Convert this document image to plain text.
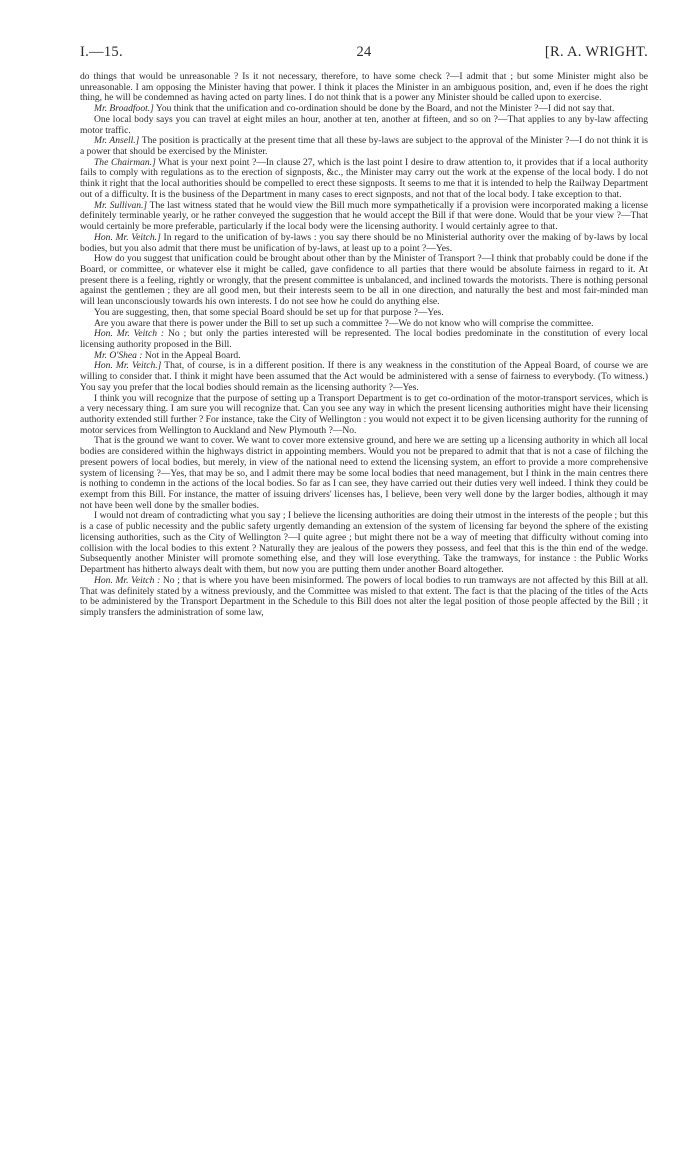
I.—15.	24	[R. A. WRIGHT.

do things that would be unreasonable ? Is it not necessary, therefore, to have some check ?—I admit that ; but some Minister might also be unreasonable. I am opposing the Minister having that power. I think it places the Minister in an ambiguous position, and, even if he does the right thing, he will be condemned as having acted on party lines. I do not think that is a power any Minister should be called upon to exercise.

Mr. Broadfoot.] You think that the unification and co-ordination should be done by the Board, and not the Minister ?—I did not say that.

One local body says you can travel at eight miles an hour, another at ten, another at fifteen, and so on ?—That applies to any by-law affecting motor traffic.

Mr. Ansell.] The position is practically at the present time that all these by-laws are subject to the approval of the Minister ?—I do not think it is a power that should be exercised by the Minister.

The Chairman.] What is your next point ?—In clause 27, which is the last point I desire to draw attention to, it provides that if a local authority fails to comply with regulations as to the erection of signposts, &c., the Minister may carry out the work at the expense of the local body. I do not think it right that the local authorities should be compelled to erect these signposts. It seems to me that it is intended to help the Railway Department out of a difficulty. It is the business of the Department in many cases to erect signposts, and not that of the local body. I take exception to that.

Mr. Sullivan.] The last witness stated that he would view the Bill much more sympathetically if a provision were incorporated making a license definitely terminable yearly, or he rather conveyed the suggestion that he would accept the Bill if that were done. Would that be your view ?—That would certainly be more preferable, particularly if the local body were the licensing authority. I would certainly agree to that.

Hon. Mr. Veitch.] In regard to the unification of by-laws : you say there should be no Ministerial authority over the making of by-laws by local bodies, but you also admit that there must be unification of by-laws, at least up to a point ?—Yes.

How do you suggest that unification could be brought about other than by the Minister of Transport ?—I think that probably could be done if the Board, or committee, or whatever else it might be called, gave confidence to all parties that there would be absolute fairness in regard to it. At present there is a feeling, rightly or wrongly, that the present committee is unbalanced, and inclined towards the motorists. There is nothing personal against the gentlemen ; they are all good men, but their interests seem to be all in one direction, and naturally the best and most fair-minded man will lean unconsciously towards his own interests. I do not see how he could do anything else.

You are suggesting, then, that some special Board should be set up for that purpose ?—Yes.

Are you aware that there is power under the Bill to set up such a committee ?—We do not know who will comprise the committee.

Hon. Mr. Veitch : No ; but only the parties interested will be represented. The local bodies predominate in the constitution of every local licensing authority proposed in the Bill.

Mr. O'Shea : Not in the Appeal Board.

Hon. Mr. Veitch.] That, of course, is in a different position. If there is any weakness in the constitution of the Appeal Board, of course we are willing to consider that. I think it might have been assumed that the Act would be administered with a sense of fairness to everybody. (To witness.) You say you prefer that the local bodies should remain as the licensing authority ?—Yes.

I think you will recognize that the purpose of setting up a Transport Department is to get co-ordination of the motor-transport services, which is a very necessary thing. I am sure you will recognize that. Can you see any way in which the present licensing authorities might have their licensing authority extended still further ? For instance, take the City of Wellington : you would not expect it to be given licensing authority for the running of motor services from Wellington to Auckland and New Plymouth ?—No.

That is the ground we want to cover. We want to cover more extensive ground, and here we are setting up a licensing authority in which all local bodies are considered within the highways district in appointing members. Would you not be prepared to admit that that is not a case of filching the present powers of local bodies, but merely, in view of the national need to extend the licensing system, an effort to provide a more comprehensive system of licensing ?—Yes, that may be so, and I admit there may be some local bodies that need management, but I think in the main centres there is nothing to condemn in the actions of the local bodies. So far as I can see, they have carried out their duties very well indeed. I think they could be exempt from this Bill. For instance, the matter of issuing drivers' licenses has, I believe, been very well done by the larger bodies, although it may not have been well done by the smaller bodies.

I would not dream of contradicting what you say ; I believe the licensing authorities are doing their utmost in the interests of the people ; but this is a case of public necessity and the public safety urgently demanding an extension of the system of licensing far beyond the sphere of the existing licensing authorities, such as the City of Wellington ?—I quite agree ; but might there not be a way of meeting that difficulty without coming into collision with the local bodies to this extent ? Naturally they are jealous of the powers they possess, and feel that this is the thin end of the wedge. Subsequently another Minister will promote something else, and they will lose everything. Take the tramways, for instance : the Public Works Department has hitherto always dealt with them, but now you are putting them under another Board altogether.

Hon. Mr. Veitch : No ; that is where you have been misinformed. The powers of local bodies to run tramways are not affected by this Bill at all. That was definitely stated by a witness previously, and the Committee was misled to that extent. The fact is that the placing of the titles of the Acts to be administered by the Transport Department in the Schedule to this Bill does not alter the legal position of those people affected by the Bill ; it simply transfers the administration of some law,
